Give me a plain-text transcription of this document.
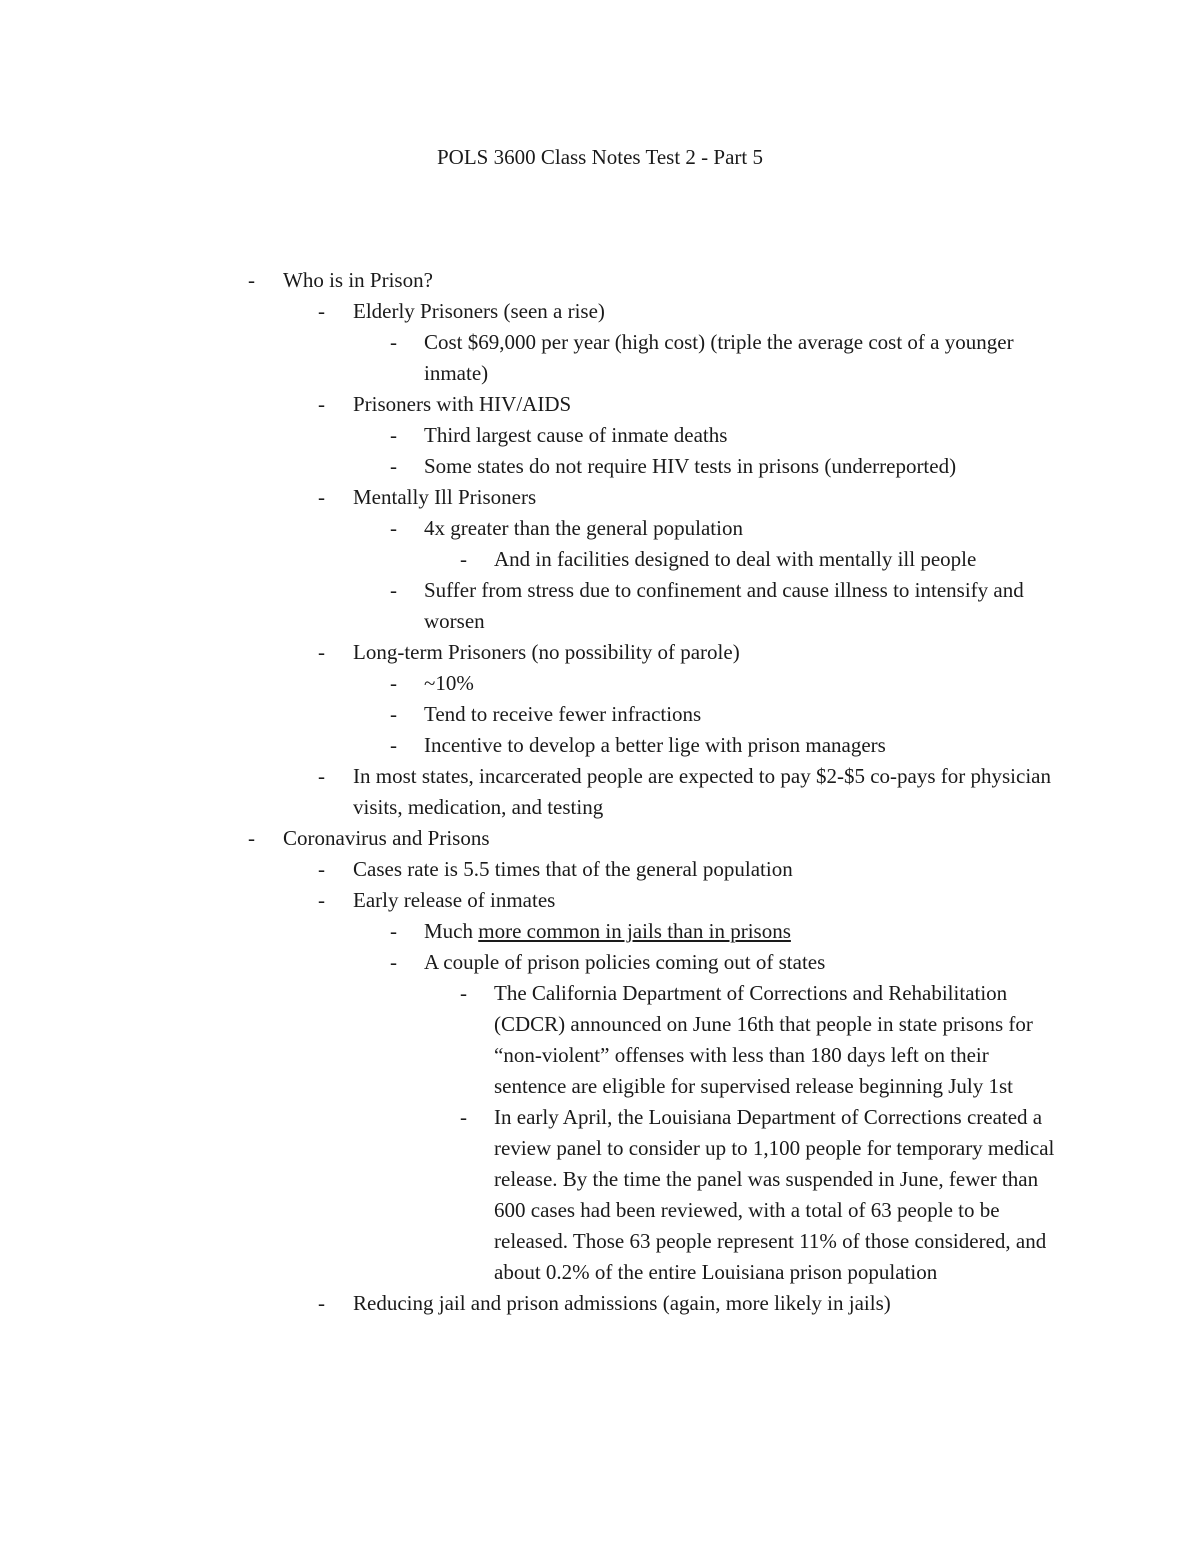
POLS 3600 Class Notes Test 2 - Part 5
- Who is in Prison?
- Elderly Prisoners (seen a rise)
- Cost $69,000 per year (high cost) (triple the average cost of a younger inmate)
- Prisoners with HIV/AIDS
- Third largest cause of inmate deaths
- Some states do not require HIV tests in prisons (underreported)
- Mentally Ill Prisoners
- 4x greater than the general population
- And in facilities designed to deal with mentally ill people
- Suffer from stress due to confinement and cause illness to intensify and worsen
- Long-term Prisoners (no possibility of parole)
- ~10%
- Tend to receive fewer infractions
- Incentive to develop a better lige with prison managers
- In most states, incarcerated people are expected to pay $2-$5 co-pays for physician visits, medication, and testing
- Coronavirus and Prisons
- Cases rate is 5.5 times that of the general population
- Early release of inmates
- Much more common in jails than in prisons
- A couple of prison policies coming out of states
- The California Department of Corrections and Rehabilitation (CDCR) announced on June 16th that people in state prisons for “non-violent” offenses with less than 180 days left on their sentence are eligible for supervised release beginning July 1st
- In early April, the Louisiana Department of Corrections created a review panel to consider up to 1,100 people for temporary medical release. By the time the panel was suspended in June, fewer than 600 cases had been reviewed, with a total of 63 people to be released. Those 63 people represent 11% of those considered, and about 0.2% of the entire Louisiana prison population
- Reducing jail and prison admissions (again, more likely in jails)
